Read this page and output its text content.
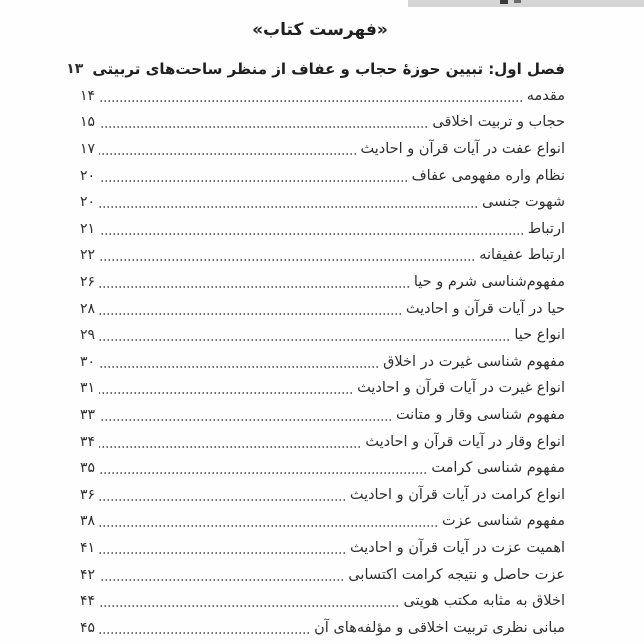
«فهرست کتاب»
فصل اول: تبیین حوزهٔ حجاب و عفاف از منظر ساحت‌های تربیتی
۱۳
مقدمه
۱۴
حجاب و تربیت اخلاقی
۱۵
انواع عفت در آیات قرآن و احادیث
۱۷
نظام واره مفهومی عفاف
۲۰
شهوت جنسی
۲۰
ارتباط
۲۱
ارتباط عفیفانه
۲۲
مفهوم‌شناسی شرم و حیا
۲۶
حیا در آیات قرآن و احادیث
۲۸
انواع حیا
۲۹
مفهوم شناسی غیرت در اخلاق
۳۰
انواع غیرت در آیات قرآن و احادیث
۳۱
مفهوم شناسی وقار و متانت
۳۳
انواع وقار در آیات قرآن و احادیث
۳۴
مفهوم شناسی کرامت
۳۵
انواع کرامت در آیات قرآن و احادیث
۳۶
مفهوم شناسی عزت
۳۸
اهمیت عزت در آیات قرآن و احادیث
۴۱
عزت حاصل و نتیجه کرامت اکتسابی
۴۲
اخلاق به مثابه مکتب هویتی
۴۴
مبانی نظری تربیت اخلاقی و مؤلفه‌های آن
۴۵
